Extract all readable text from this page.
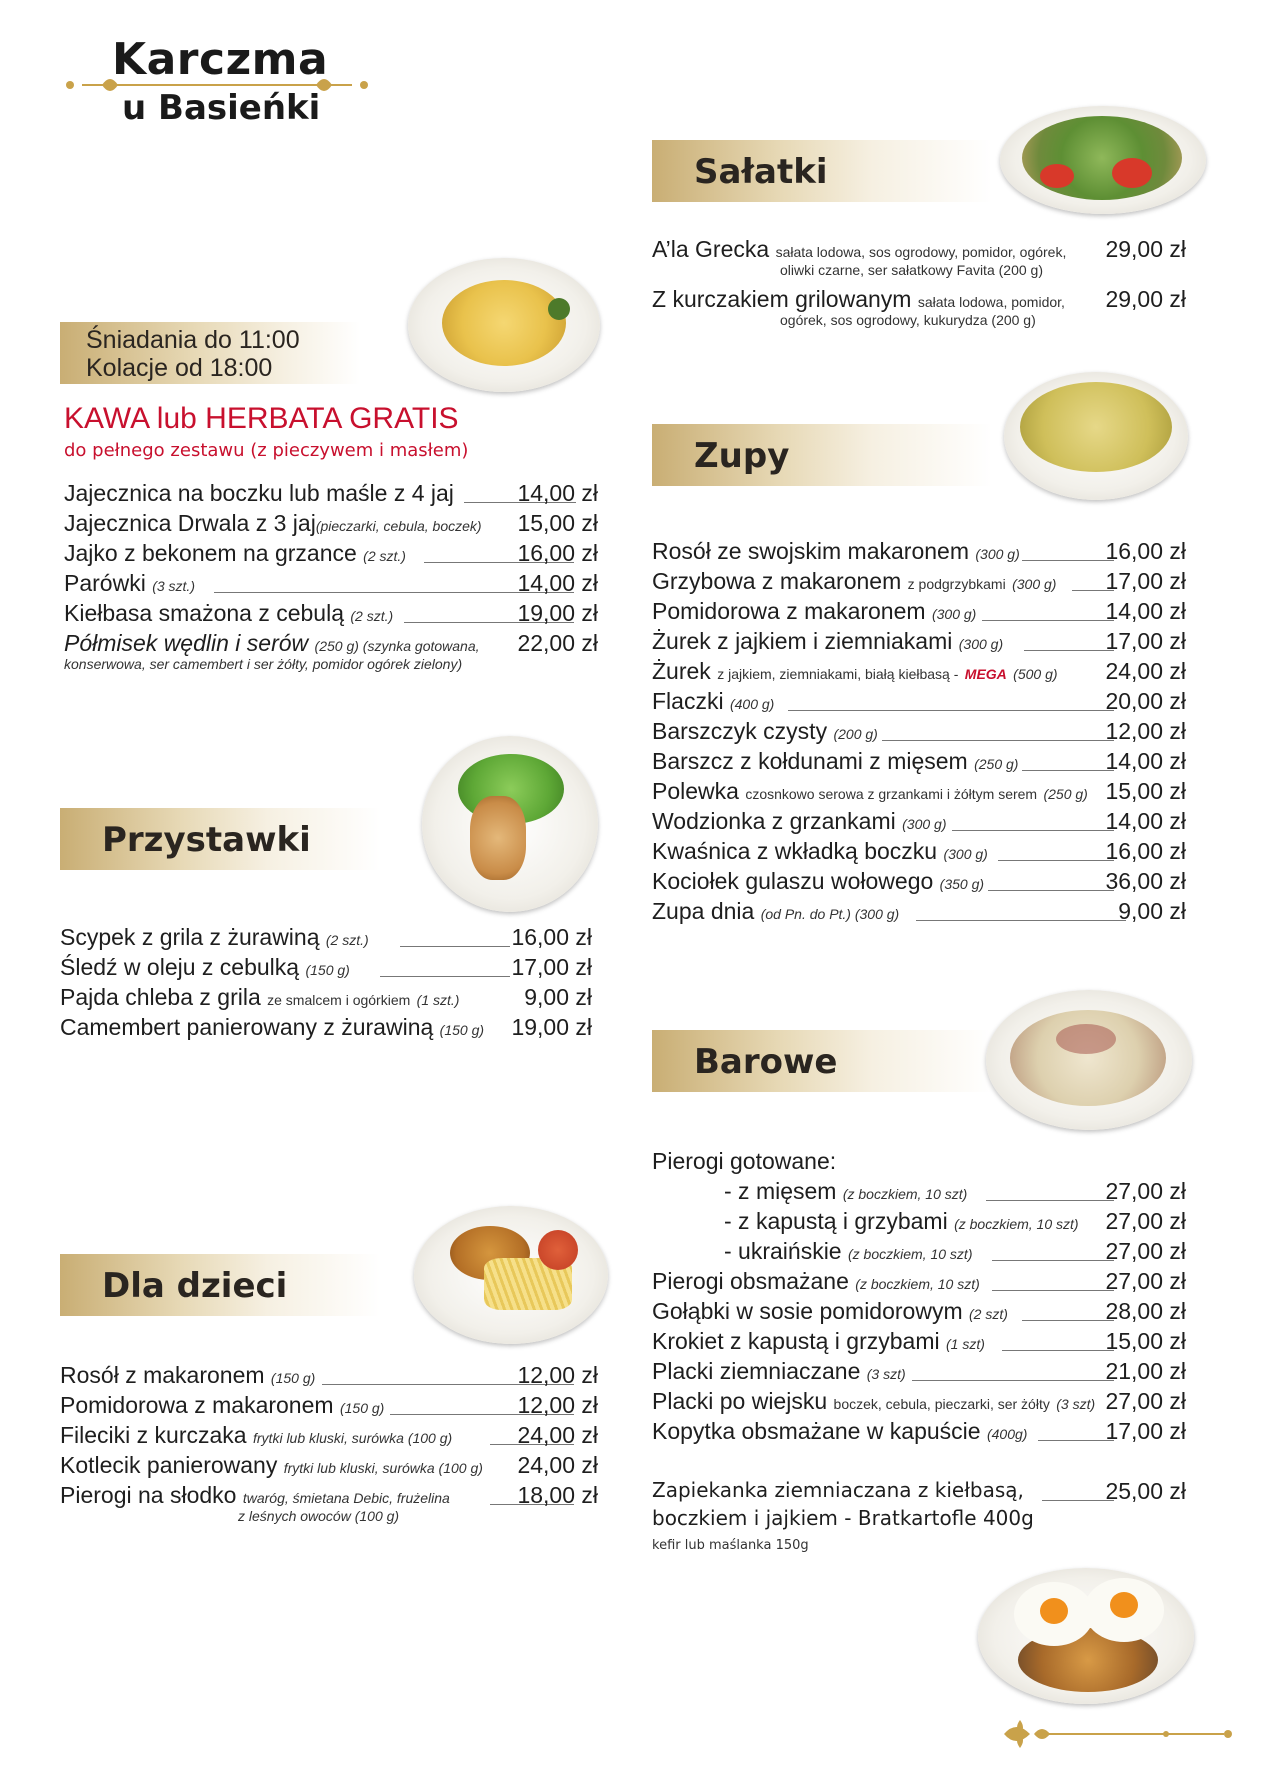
Karczma
u Basieńki
Śniadania do 11:00
Kolacje od 18:00
KAWA lub HERBATA GRATIS
do pełnego zestawu (z pieczywem i masłem)
Jajecznica na boczku lub maśle z 4 jaj	14,00 zł
Jajecznica Drwala z 3 jaj(pieczarki, cebula, boczek) 15,00 zł
Jajko z bekonem na grzance (2 szt.)	16,00 zł
Parówki (3 szt.)	14,00 zł
Kiełbasa smażona z cebulą (2 szt.)	19,00 zł
Półmisek wędlin i serów (250 g) (szynka gotowana, 22,00 zł
konserwowa, ser camembert i ser żółty, pomidor ogórek zielony)
Przystawki
Scypek z grila z żurawiną (2 szt.)	16,00 zł
Śledź w oleju z cebulką (150 g)	17,00 zł
Pajda chleba z grila ze smalcem i ogórkiem (1 szt.)	9,00 zł
Camembert panierowany z żurawiną (150 g) 19,00 zł
Dla dzieci
Rosół z makaronem (150 g)	12,00 zł
Pomidorowa z makaronem (150 g)	12,00 zł
Fileciki z kurczaka frytki lub kluski, surówka (100 g)	24,00 zł
Kotlecik panierowany frytki lub kluski, surówka (100 g) 24,00 zł
Pierogi na słodko twaróg, śmietana Debic, frużelina	18,00 zł
z leśnych owoców (100 g)
Sałatki
A’la Grecka sałata lodowa, sos ogrodowy, pomidor, ogórek, 29,00 zł
oliwki czarne, ser sałatkowy Favita (200 g)
Z kurczakiem grilowanym sałata lodowa, pomidor, 29,00 zł
ogórek, sos ogrodowy, kukurydza (200 g)
Zupy
Rosół ze swojskim makaronem (300 g)	16,00 zł
Grzybowa z makaronem z podgrzybkami (300 g) 17,00 zł
Pomidorowa z makaronem (300 g)	14,00 zł
Żurek z jajkiem i ziemniakami (300 g)	17,00 zł
Żurek z jajkiem, ziemniakami, białą kiełbasą - MEGA (500 g) 24,00 zł
Flaczki (400 g)	20,00 zł
Barszczyk czysty (200 g)	12,00 zł
Barszcz z kołdunami z mięsem (250 g)	14,00 zł
Polewka czosnkowo serowa z grzankami i żółtym serem (250 g) 15,00 zł
Wodzionka z grzankami (300 g)	14,00 zł
Kwaśnica z wkładką boczku (300 g)	16,00 zł
Kociołek gulaszu wołowego (350 g)	36,00 zł
Zupa dnia (od Pn. do Pt.) (300 g)	9,00 zł
Barowe
Pierogi gotowane:
- z mięsem (z boczkiem, 10 szt)	27,00 zł
- z kapustą i grzybami (z boczkiem, 10 szt) 27,00 zł
- ukraińskie (z boczkiem, 10 szt)	27,00 zł
Pierogi obsmażane (z boczkiem, 10 szt)	27,00 zł
Gołąbki w sosie pomidorowym (2 szt)	28,00 zł
Krokiet z kapustą i grzybami (1 szt)	15,00 zł
Placki ziemniaczane (3 szt)	21,00 zł
Placki po wiejsku boczek, cebula, pieczarki, ser żółty (3 szt) 27,00 zł
Kopytka obsmażane w kapuście (400g)	17,00 zł
Zapiekanka ziemniaczana z kiełbasą,	25,00 zł
boczkiem i jajkiem - Bratkartofle 400g
kefir lub maślanka 150g
